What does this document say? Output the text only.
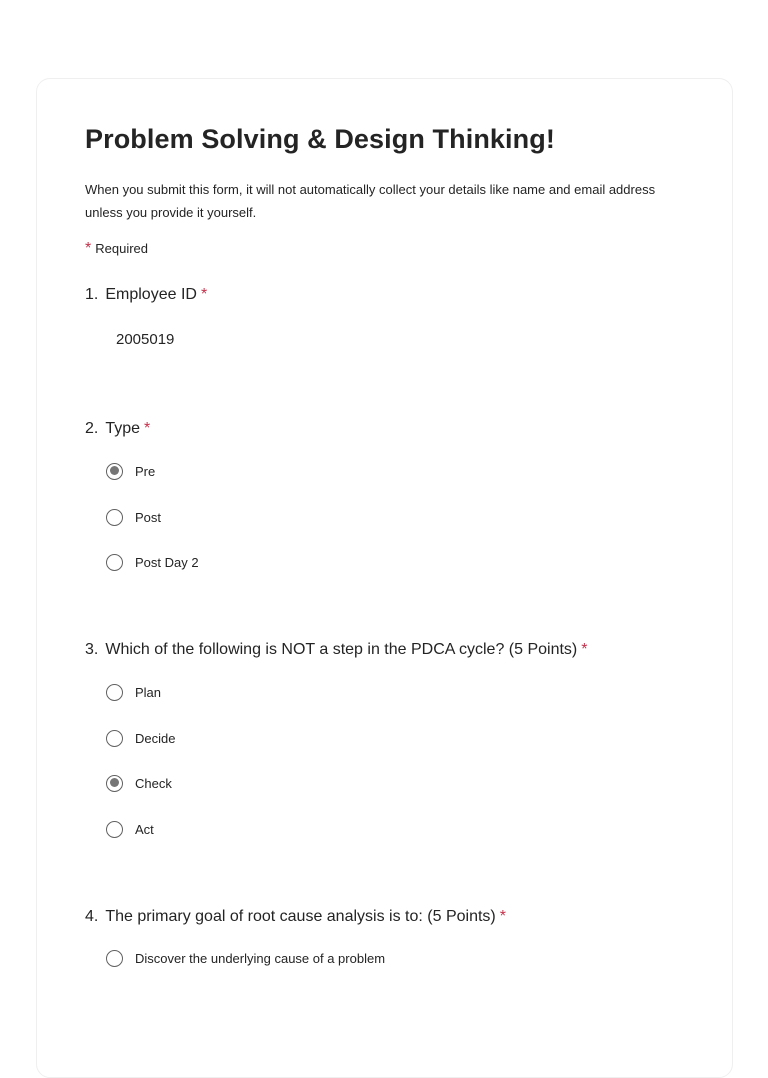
Problem Solving & Design Thinking!
When you submit this form, it will not automatically collect your details like name and email address unless you provide it yourself.
* Required
1. Employee ID *
2005019
2. Type *
Pre
Post
Post Day 2
3. Which of the following is NOT a step in the PDCA cycle? (5 Points) *
Plan
Decide
Check
Act
4. The primary goal of root cause analysis is to: (5 Points) *
Discover the underlying cause of a problem
